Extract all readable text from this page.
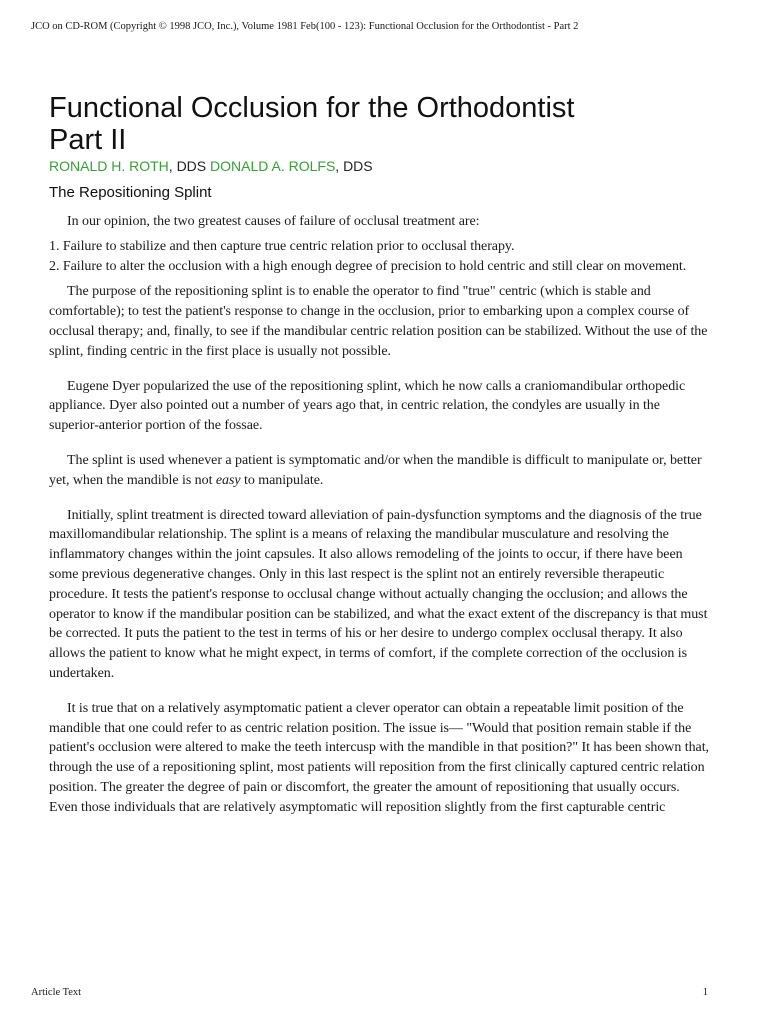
JCO on CD-ROM (Copyright © 1998 JCO, Inc.), Volume 1981 Feb(100 - 123): Functional Occlusion for the Orthodontist - Part 2
Functional Occlusion for the Orthodontist
Part II
RONALD H. ROTH, DDS DONALD A. ROLFS, DDS
The Repositioning Splint

In our opinion, the two greatest causes of failure of occlusal treatment are:

1. Failure to stabilize and then capture true centric relation prior to occlusal therapy.

2. Failure to alter the occlusion with a high enough degree of precision to hold centric and still clear on movement.

The purpose of the repositioning splint is to enable the operator to find "true" centric (which is stable and comfortable); to test the patient's response to change in the occlusion, prior to embarking upon a complex course of occlusal therapy; and, finally, to see if the mandibular centric relation position can be stabilized. Without the use of the splint, finding centric in the first place is usually not possible.

Eugene Dyer popularized the use of the repositioning splint, which he now calls a craniomandibular orthopedic appliance. Dyer also pointed out a number of years ago that, in centric relation, the condyles are usually in the superior-anterior portion of the fossae.

The splint is used whenever a patient is symptomatic and/or when the mandible is difficult to manipulate or, better yet, when the mandible is not easy to manipulate.

Initially, splint treatment is directed toward alleviation of pain-dysfunction symptoms and the diagnosis of the true maxillomandibular relationship. The splint is a means of relaxing the mandibular musculature and resolving the inflammatory changes within the joint capsules. It also allows remodeling of the joints to occur, if there have been some previous degenerative changes. Only in this last respect is the splint not an entirely reversible therapeutic procedure. It tests the patient's response to occlusal change without actually changing the occlusion; and allows the operator to know if the mandibular position can be stabilized, and what the exact extent of the discrepancy is that must be corrected. It puts the patient to the test in terms of his or her desire to undergo complex occlusal therapy. It also allows the patient to know what he might expect, in terms of comfort, if the complete correction of the occlusion is undertaken.

It is true that on a relatively asymptomatic patient a clever operator can obtain a repeatable limit position of the mandible that one could refer to as centric relation position. The issue is— "Would that position remain stable if the patient's occlusion were altered to make the teeth intercusp with the mandible in that position?" It has been shown that, through the use of a repositioning splint, most patients will reposition from the first clinically captured centric relation position. The greater the degree of pain or discomfort, the greater the amount of repositioning that usually occurs. Even those individuals that are relatively asymptomatic will reposition slightly from the first capturable centric

Article Text	1
